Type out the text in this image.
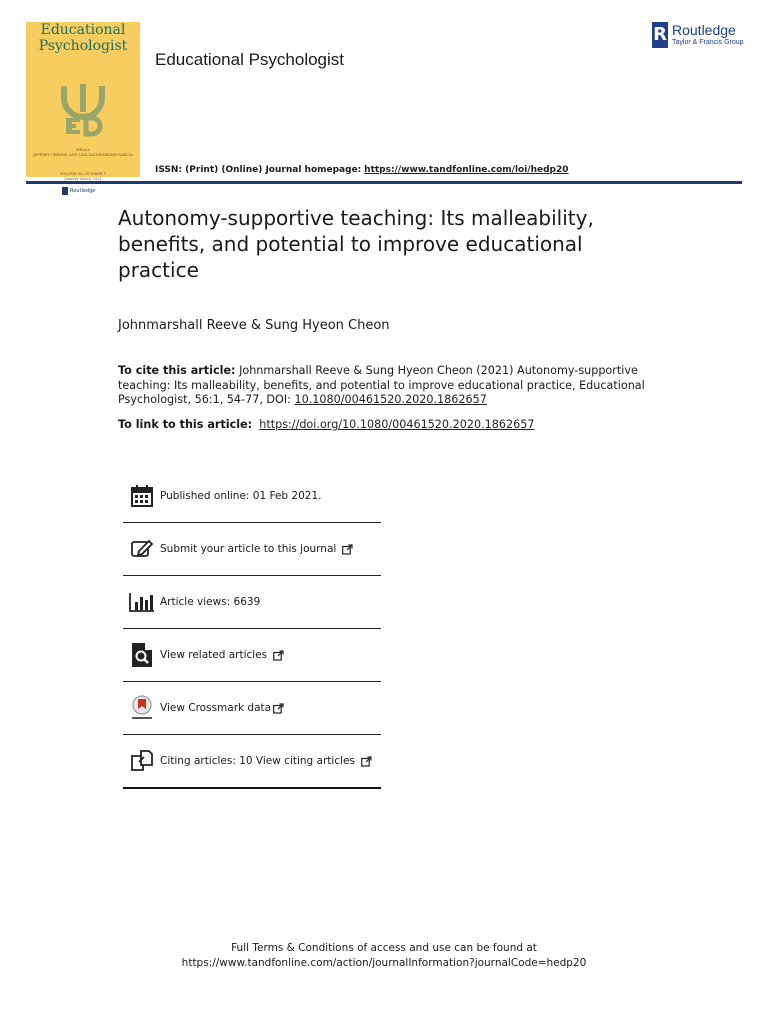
Educational
Psychologist
Editors
JEFFREY GREENE AND LISA LINNENBRINK-GARCIA
VOLUME 56, NUMBER 1
January-March 2021
Routledge
Educational Psychologist
ISSN: (Print) (Online) Journal homepage: https://www.tandfonline.com/loi/hedp20
R Routledge
Taylor & Francis Group
Autonomy-supportive teaching: Its malleability, benefits, and potential to improve educational practice
Johnmarshall Reeve & Sung Hyeon Cheon
To cite this article: Johnmarshall Reeve & Sung Hyeon Cheon (2021) Autonomy-supportive teaching: Its malleability, benefits, and potential to improve educational practice, Educational Psychologist, 56:1, 54-77, DOI: 10.1080/00461520.2020.1862657
To link to this article: https://doi.org/10.1080/00461520.2020.1862657
Published online: 01 Feb 2021.
Submit your article to this journal
Article views: 6639
View related articles
View Crossmark data
Citing articles: 10 View citing articles
Full Terms & Conditions of access and use can be found at
https://www.tandfonline.com/action/journalInformation?journalCode=hedp20
